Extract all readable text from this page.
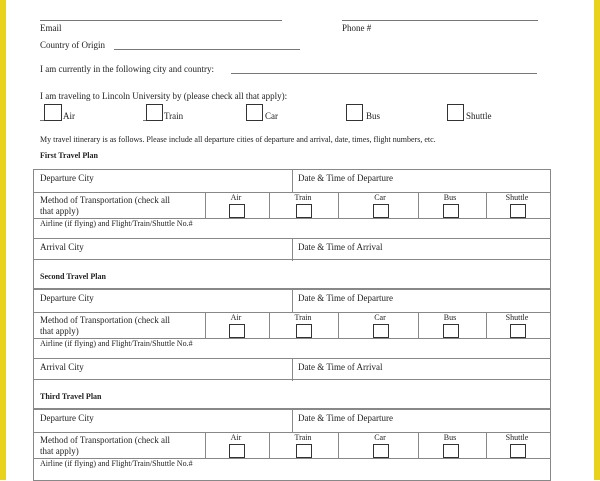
Email	Phone #
Country of Origin
I am currently in the following city and country:
I am traveling to Lincoln University by (please check all that apply):
Air	Train	Car	Bus	Shuttle
My travel itinerary is as follows. Please include all departure cities of departure and arrival, date, times, flight numbers, etc.
First Travel Plan
Departure City	Date & Time of Departure
Method of Transportation (check all
that apply)
Air	Train	Car	Bus	Shuttle
Airline (if flying) and Flight/Train/Shuttle No.#
Arrival City	Date & Time of Arrival
Second Travel Plan
Departure City	Date & Time of Departure
Method of Transportation (check all
that apply)
Air	Train	Car	Bus	Shuttle
Airline (if flying) and Flight/Train/Shuttle No.#
Arrival City	Date & Time of Arrival
Third Travel Plan
Departure City	Date & Time of Departure
Method of Transportation (check all
that apply)
Air	Train	Car	Bus	Shuttle
Airline (if flying) and Flight/Train/Shuttle No.#
